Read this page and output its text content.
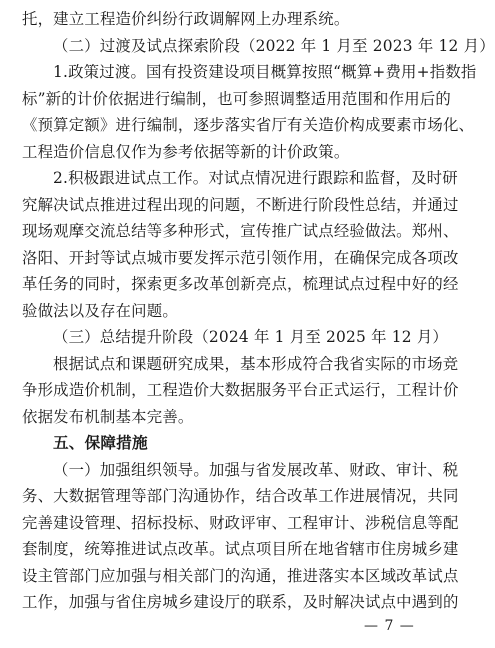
托，建立工程造价纠纷行政调解网上办理系统。
（二）过渡及试点探索阶段（2022 年 1 月至 2023 年 12 月）
1.政策过渡。国有投资建设项目概算按照“概算+费用+指数指
标”新的计价依据进行编制，也可参照调整适用范围和作用后的
《预算定额》进行编制，逐步落实省厅有关造价构成要素市场化、
工程造价信息仅作为参考依据等新的计价政策。
2.积极跟进试点工作。对试点情况进行跟踪和监督，及时研
究解决试点推进过程出现的问题，不断进行阶段性总结，并通过
现场观摩交流总结等多种形式，宣传推广试点经验做法。郑州、
洛阳、开封等试点城市要发挥示范引领作用，在确保完成各项改
革任务的同时，探索更多改革创新亮点，梳理试点过程中好的经
验做法以及存在问题。
（三）总结提升阶段（2024 年 1 月至 2025 年 12 月）
根据试点和课题研究成果，基本形成符合我省实际的市场竞
争形成造价机制，工程造价大数据服务平台正式运行，工程计价
依据发布机制基本完善。
五、保障措施
（一）加强组织领导。加强与省发展改革、财政、审计、税
务、大数据管理等部门沟通协作，结合改革工作进展情况，共同
完善建设管理、招标投标、财政评审、工程审计、涉税信息等配
套制度，统筹推进试点改革。试点项目所在地省辖市住房城乡建
设主管部门应加强与相关部门的沟通，推进落实本区域改革试点
工作，加强与省住房城乡建设厅的联系，及时解决试点中遇到的
— 7 —
